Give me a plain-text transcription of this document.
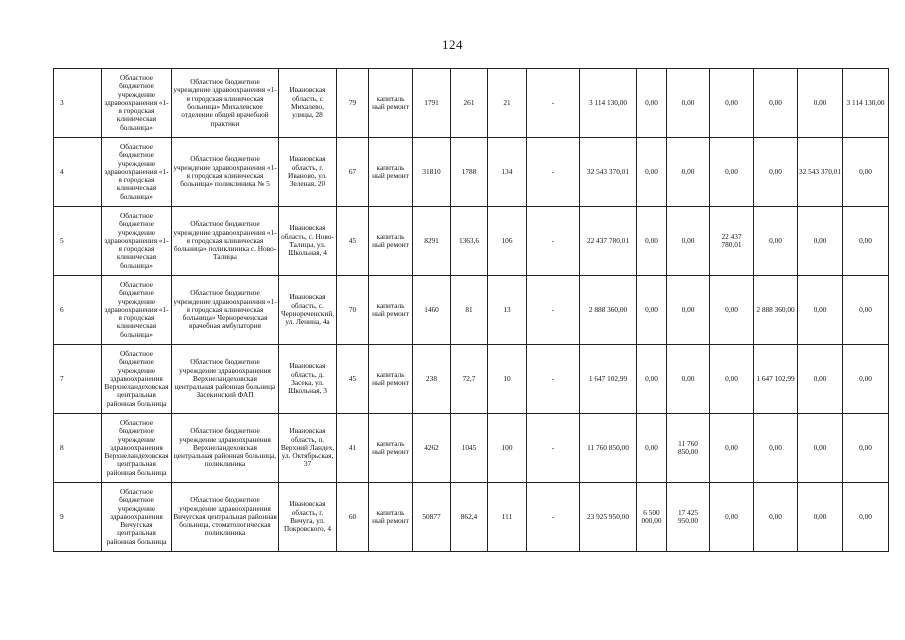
124
3	Областное бюджетное учреждение здравоохранения «1-я городская клиническая больница»	Областное бюджетное учреждение здравоохранения «1-я городская клиническая больница» Михалевское отделение общей врачебной практики	Ивановская область, с Михалево, улицы, 28	79	капиталь ный ремонт	1791	261	21	-	3 114 130,00	0,00	0,00	0,00	0,00	0,00	3 114 130,00
4	Областное бюджетное учреждение здравоохранения «1-я городская клиническая больница»	Областное бюджетное учреждение здравоохранения «1-я городская клиническая больница» поликлиника № 5	Ивановская область, г. Иваново, ул. Зеленая, 20	67	капиталь ный ремонт	31810	1788	134	-	32 543 370,01	0,00	0,00	0,00	0,00	32 543 370,01	0,00
5	Областное бюджетное учреждение здравоохранения «1-я городская клиническая больница»	Областное бюджетное учреждение здравоохранения «1-я городская клиническая больница» поликлиника с. Ново-Талицы	Ивановская область, с. Ново-Талицы, ул. Школьная, 4	45	капиталь ный ремонт	8291	1363,6	106	-	22 437 780,01	0,00	0,00	22 437 780,01	0,00	0,00	0,00
6	Областное бюджетное учреждение здравоохранения «1-я городская клиническая больница»	Областное бюджетное учреждение здравоохранения «1-я городская клиническая больница» Чернореченская врачебная амбулатория	Ивановская область, с. Чернореченский, ул. Ленина, 4а	70	капиталь ный ремонт	1460	81	13	-	2 888 360,00	0,00	0,00	0,00	2 888 360,00	0,00	0,00
7	Областное бюджетное учреждение здравоохранения Верхнеландеховская центральная районная больница	Областное бюджетное учреждение здравоохранения Верхнеландеховская центральная районная больница Засекинский ФАП	Ивановская область, д. Засека, ул. Школьная, 3	45	капиталь ный ремонт	238	72,7	10	-	1 647 102,99	0,00	0,00	0,00	1 647 102,99	0,00	0,00
8	Областное бюджетное учреждение здравоохранения Верхнеландеховская центральная районная больница	Областное бюджетное учреждение здравоохранения Верхнеландеховская центральная районная больница, поликлиника	Ивановская область, п. Верхний Ландех, ул. Октябрьская, 37	41	капиталь ный ремонт	4262	1045	100	-	11 760 850,00	0,00	11 760 850,00	0,00	0,00	0,00	0,00
9	Областное бюджетное учреждение здравоохранения Вичугская центральная районная больница	Областное бюджетное учреждение здравоохранения Вичугская центральная районная больница, стоматологическая поликлиника	Ивановская область, г. Вичуга, ул. Покровского, 4	60	капиталь ный ремонт	50877	862,4	111	-	23 925 950,00	6 500 000,00	17 425 950,00	0,00	0,00	0,00	0,00
